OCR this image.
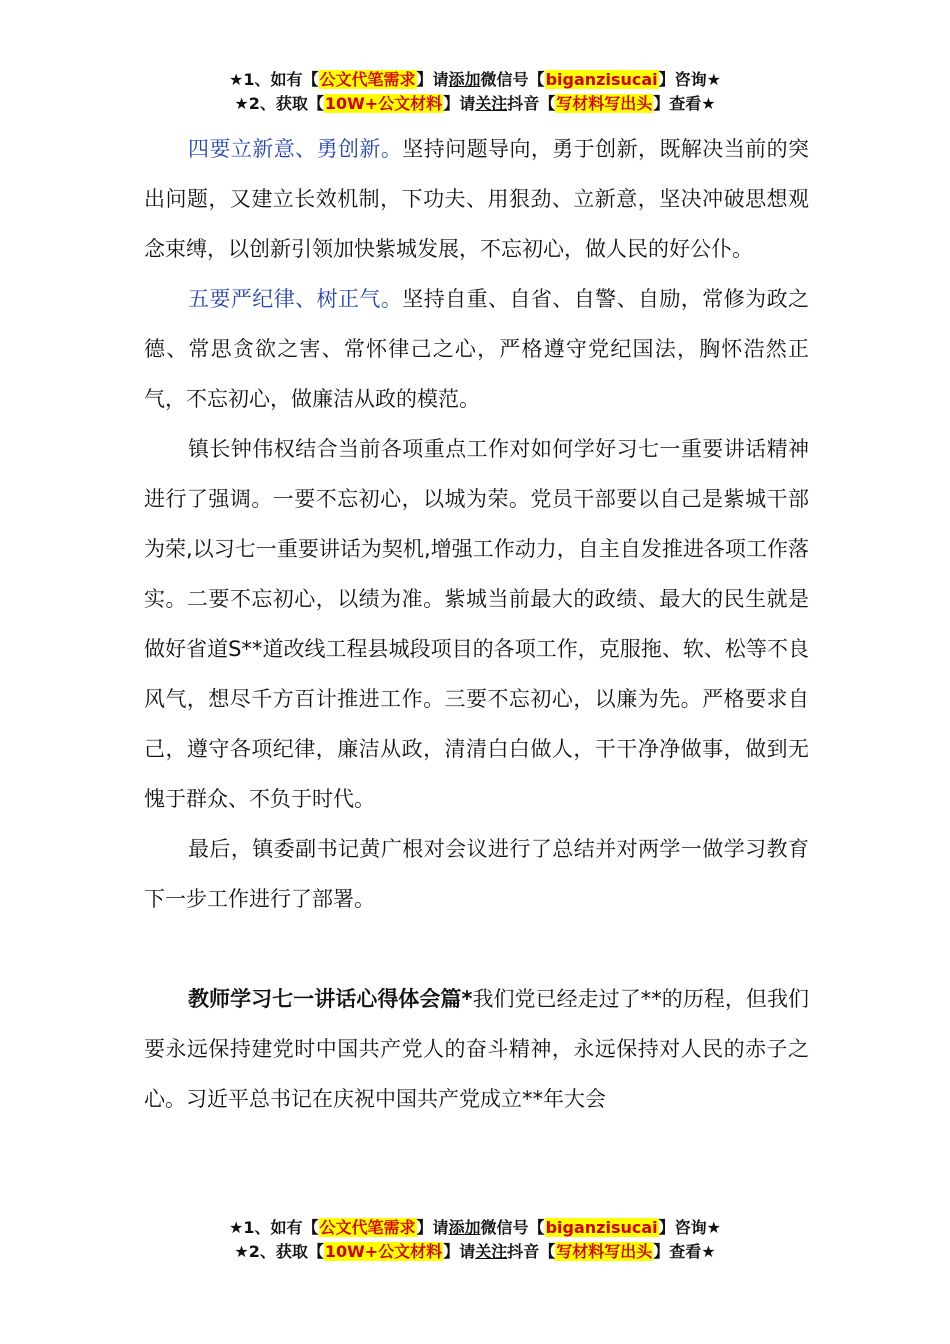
★1、如有【公文代笔需求】请添加微信号【biganzisucai】咨询★
★2、获取【10W+公文材料】请关注抖音【写材料写出头】查看★

四要立新意、勇创新。坚持问题导向，勇于创新，既解决当前的突出问题，又建立长效机制，下功夫、用狠劲、立新意，坚决冲破思想观念束缚，以创新引领加快紫城发展，不忘初心，做人民的好公仆。

五要严纪律、树正气。坚持自重、自省、自警、自励，常修为政之德、常思贪欲之害、常怀律己之心，严格遵守党纪国法，胸怀浩然正气，不忘初心，做廉洁从政的模范。

镇长钟伟权结合当前各项重点工作对如何学好习七一重要讲话精神进行了强调。一要不忘初心，以城为荣。党员干部要以自己是紫城干部为荣,以习七一重要讲话为契机,增强工作动力，自主自发推进各项工作落实。二要不忘初心，以绩为准。紫城当前最大的政绩、最大的民生就是做好省道S**道改线工程县城段项目的各项工作，克服拖、软、松等不良风气，想尽千方百计推进工作。三要不忘初心，以廉为先。严格要求自己，遵守各项纪律，廉洁从政，清清白白做人，干干净净做事，做到无愧于群众、不负于时代。

最后，镇委副书记黄广根对会议进行了总结并对两学一做学习教育下一步工作进行了部署。

教师学习七一讲话心得体会篇*我们党已经走过了**的历程，但我们要永远保持建党时中国共产党人的奋斗精神，永远保持对人民的赤子之心。习近平总书记在庆祝中国共产党成立**年大会

★1、如有【公文代笔需求】请添加微信号【biganzisucai】咨询★
★2、获取【10W+公文材料】请关注抖音【写材料写出头】查看★
